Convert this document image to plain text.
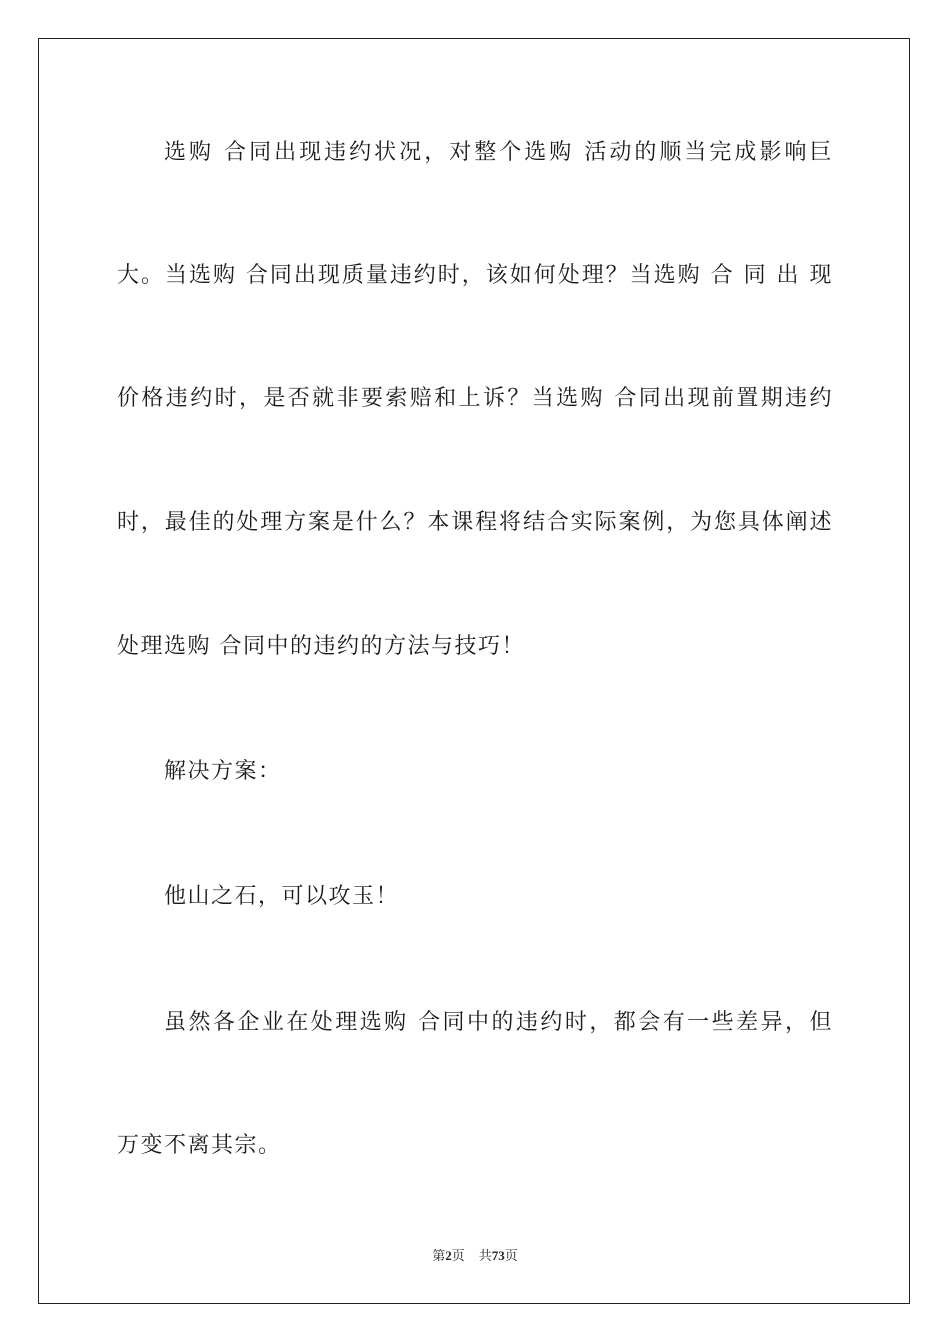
选购 合同出现违约状况，对整个选购 活动的顺当完成影响巨
大。当选购 合同出现质量违约时，该如何处理？当选购 合 同 出 现
价格违约时，是否就非要索赔和上诉？当选购 合同出现前置期违约
时，最佳的处理方案是什么？本课程将结合实际案例，为您具体阐述
处理选购 合同中的违约的方法与技巧！
解决方案：
他山之石，可以攻玉！
虽然各企业在处理选购 合同中的违约时，都会有一些差异，但
万变不离其宗。
第2页 共73页
